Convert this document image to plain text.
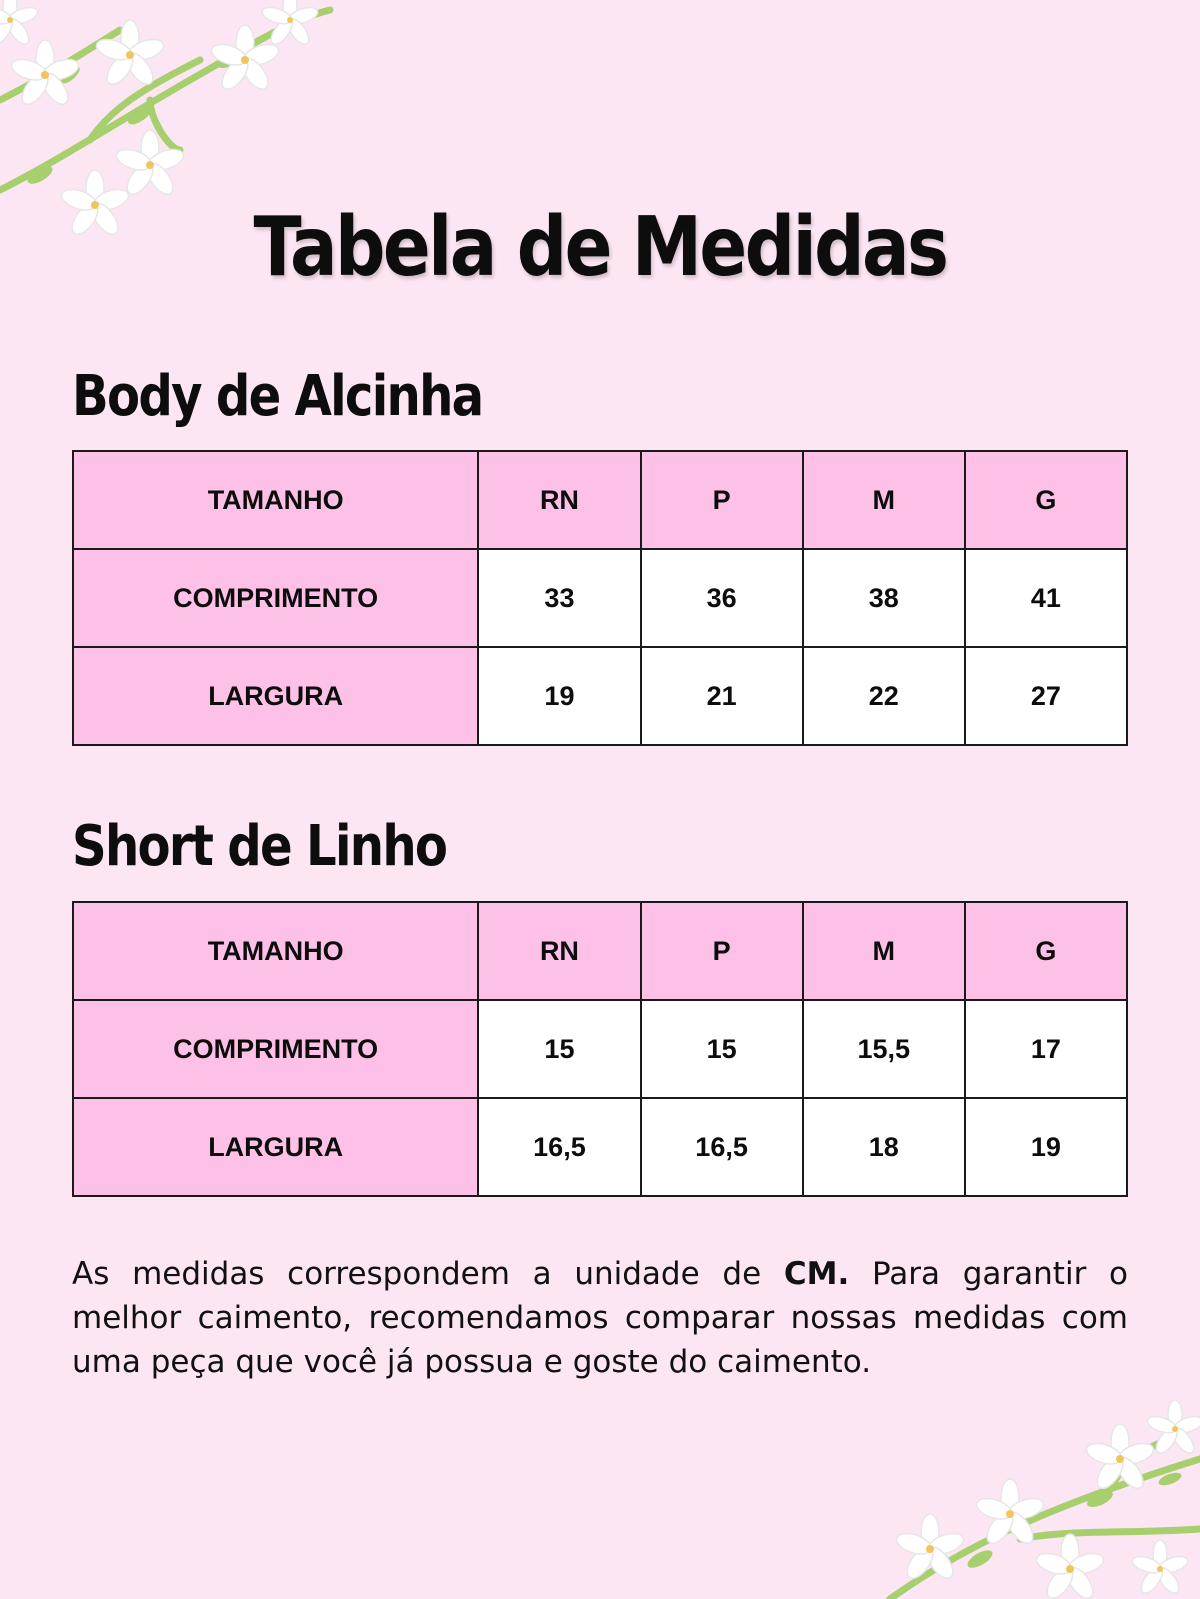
Tabela de Medidas
Body de Alcinha
TAMANHO	RN	P	M	G
COMPRIMENTO	33	36	38	41
LARGURA	19	21	22	27
Short de Linho
TAMANHO	RN	P	M	G
COMPRIMENTO	15	15	15,5	17
LARGURA	16,5	16,5	18	19

As medidas correspondem a unidade de CM. Para garantir o melhor caimento, recomendamos comparar nossas medidas com uma peça que você já possua e goste do caimento.
